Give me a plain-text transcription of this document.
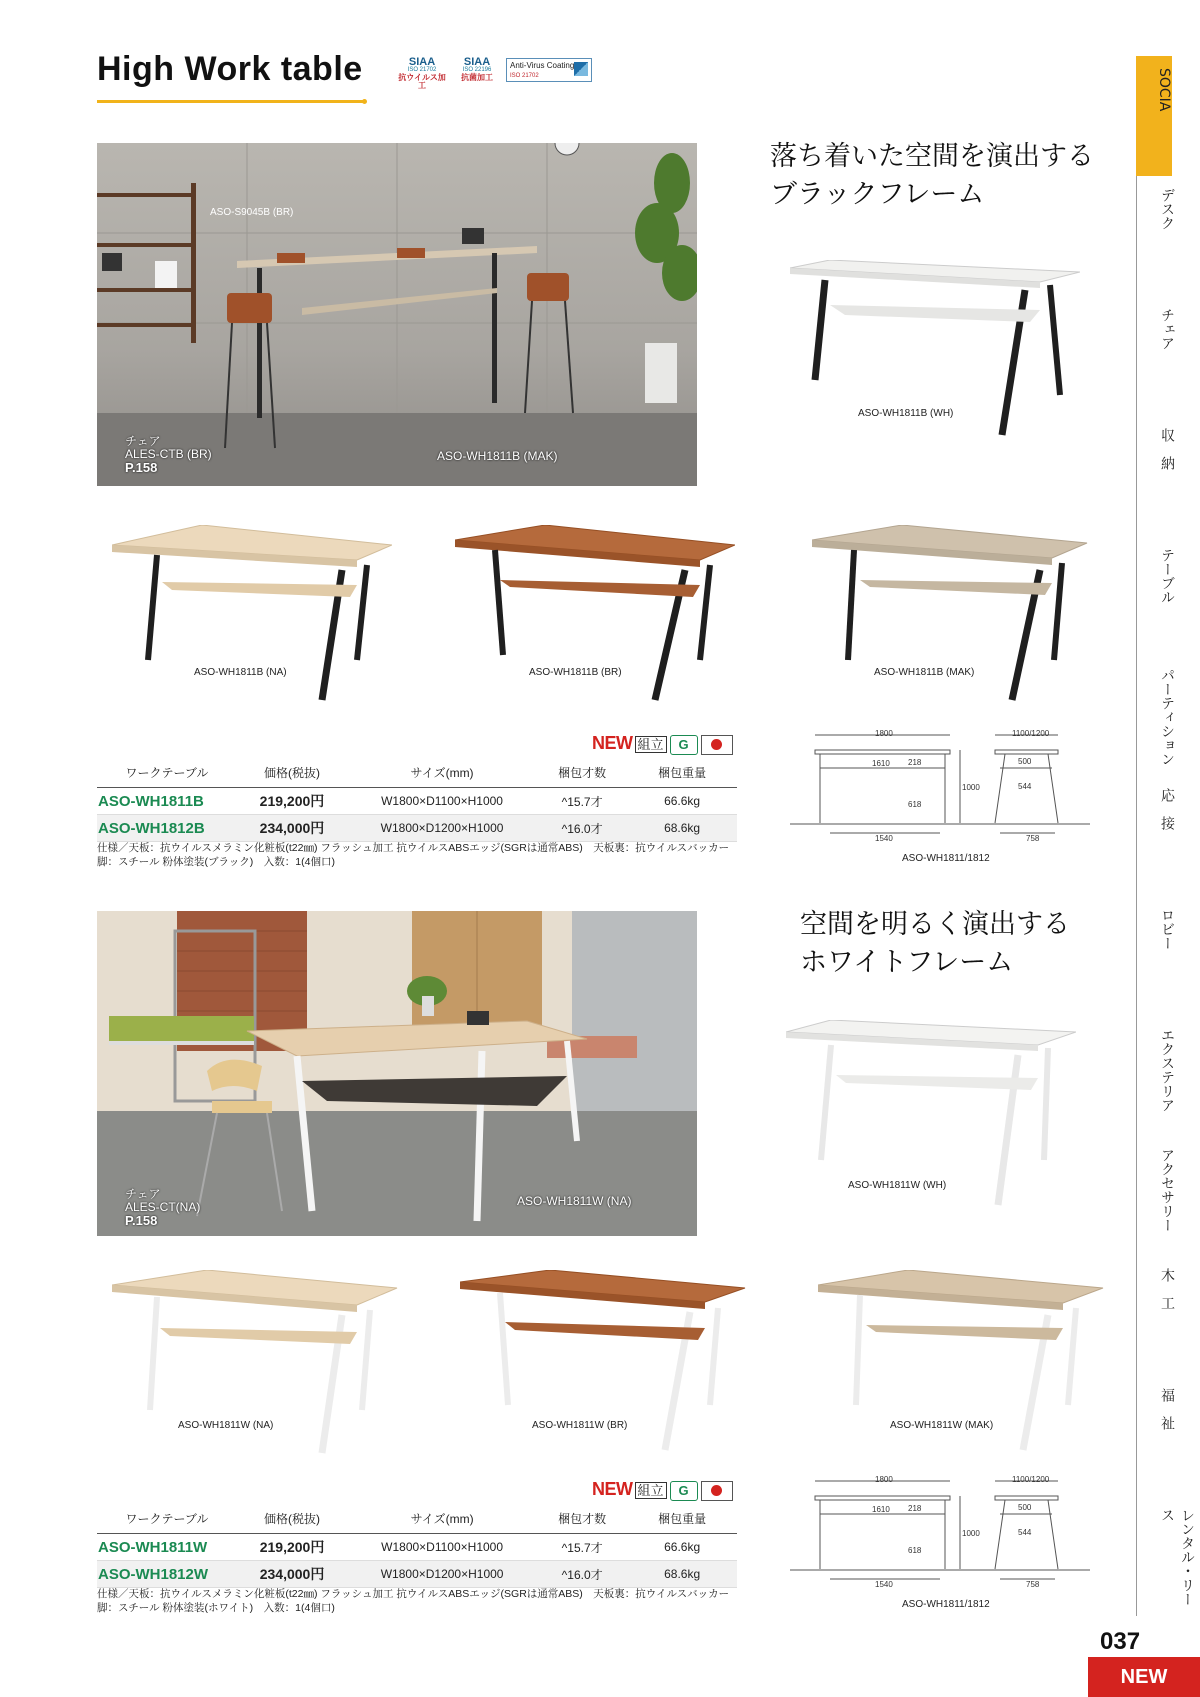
High Work table	SIAA
ISO 21702
抗ウイルス加工
SIAA
ISO 22196
抗菌加工
Anti-Virus Coating
ISO 21702	SOCIA
デスク
チェア
収　納
テーブル
パーティション
応　接
ロビー
エクステリア
アクセサリー
木　工
福　祉
レンタル・リース
ASO-S9045B (BR)
チェア
ALES-CTB (BR)
P.158
ASO-WH1811B (MAK)
落ち着いた空間を演出する
ブラックフレーム
ASO-WH1811B (WH)
ASO-WH1811B (NA)	ASO-WH1811B (BR)	ASO-WH1811B (MAK)
NEW 組立 G
ワークテーブル	価格(税抜)	サイズ(mm)	梱包才数	梱包重量
ASO-WH1811B	219,200円	W1800×D1100×H1000	^15.7才	66.6kg
ASO-WH1812B	234,000円	W1800×D1200×H1000	^16.0才	68.6kg
仕様／天板：抗ウイルスメラミン化粧板(t22㎜) フラッシュ加工 抗ウイルスABSエッジ(SGRは通常ABS)　天板裏：抗ウイルスバッカー
脚：スチール 粉体塗装(ブラック)　入数：1(4個口)
1800
1610 218
618
1000
1540
1100/1200
500
544
758
ASO-WH1811/1812
チェア
ALES-CT(NA)
P.158
ASO-WH1811W (NA)
空間を明るく演出する
ホワイトフレーム
ASO-WH1811W (WH)
ASO-WH1811W (NA)	ASO-WH1811W (BR)	ASO-WH1811W (MAK)
NEW 組立 G
ワークテーブル	価格(税抜)	サイズ(mm)	梱包才数	梱包重量
ASO-WH1811W	219,200円	W1800×D1100×H1000	^15.7才	66.6kg
ASO-WH1812W	234,000円	W1800×D1200×H1000	^16.0才	68.6kg
仕様／天板：抗ウイルスメラミン化粧板(t22㎜) フラッシュ加工 抗ウイルスABSエッジ(SGRは通常ABS)　天板裏：抗ウイルスバッカー
脚：スチール 粉体塗装(ホワイト)　入数：1(4個口)
1800
1610 218
618
1000
1540
1100/1200
500
544
758
ASO-WH1811/1812
037
NEW
